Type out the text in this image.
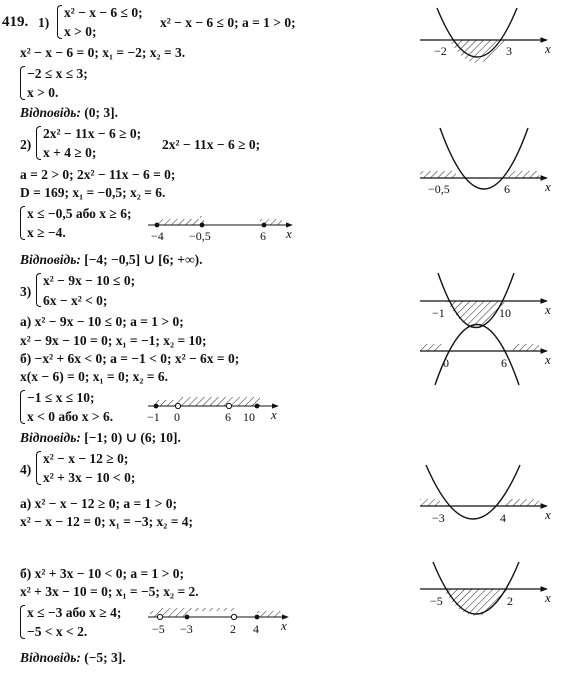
419. 1)
x² − x − 6 ≤ 0;
x > 0;
x² − x − 6 ≤ 0; a = 1 > 0;
x² − x − 6 = 0; x₁ = −2; x₂ = 3.
−2 ≤ x ≤ 3;
x > 0.
Відповідь: (0; 3].
2)
2x² − 11x − 6 ≥ 0;
x + 4 ≥ 0;
2x² − 11x − 6 ≥ 0;
a = 2 > 0; 2x² − 11x − 6 = 0;
D = 169; x₁ = −0,5; x₂ = 6.
x ≤ −0,5 або x ≥ 6;
x ≥ −4.
Відповідь: [−4; −0,5] ∪ [6; +∞).
3)
x² − 9x − 10 ≤ 0;
6x − x² < 0;
а) x² − 9x − 10 ≤ 0; a = 1 > 0;
x² − 9x − 10 = 0; x₁ = −1; x₂ = 10;
б) −x² + 6x < 0; a = −1 < 0; x² − 6x = 0;
x(x − 6) = 0; x₁ = 0; x₂ = 6.
−1 ≤ x ≤ 10;
x < 0 або x > 6.
Відповідь: [−1; 0) ∪ (6; 10].
4)
x² − x − 12 ≥ 0;
x² + 3x − 10 < 0;
а) x² − x − 12 ≥ 0; a = 1 > 0;
x² − x − 12 = 0; x₁ = −3; x₂ = 4;
б) x² + 3x − 10 < 0; a = 1 > 0;
x² + 3x − 10 = 0; x₁ = −5; x₂ = 2.
x ≤ −3 або x ≥ 4;
−5 < x < 2.
Відповідь: (−5; 3].
−2	3	x
−0,5	6	x
−4 −0,5	6 x
−1	10	x
0	6	x
−1 0	6 10 x
−3	4	x
−5	2 x
−5 −3	2 4 x
